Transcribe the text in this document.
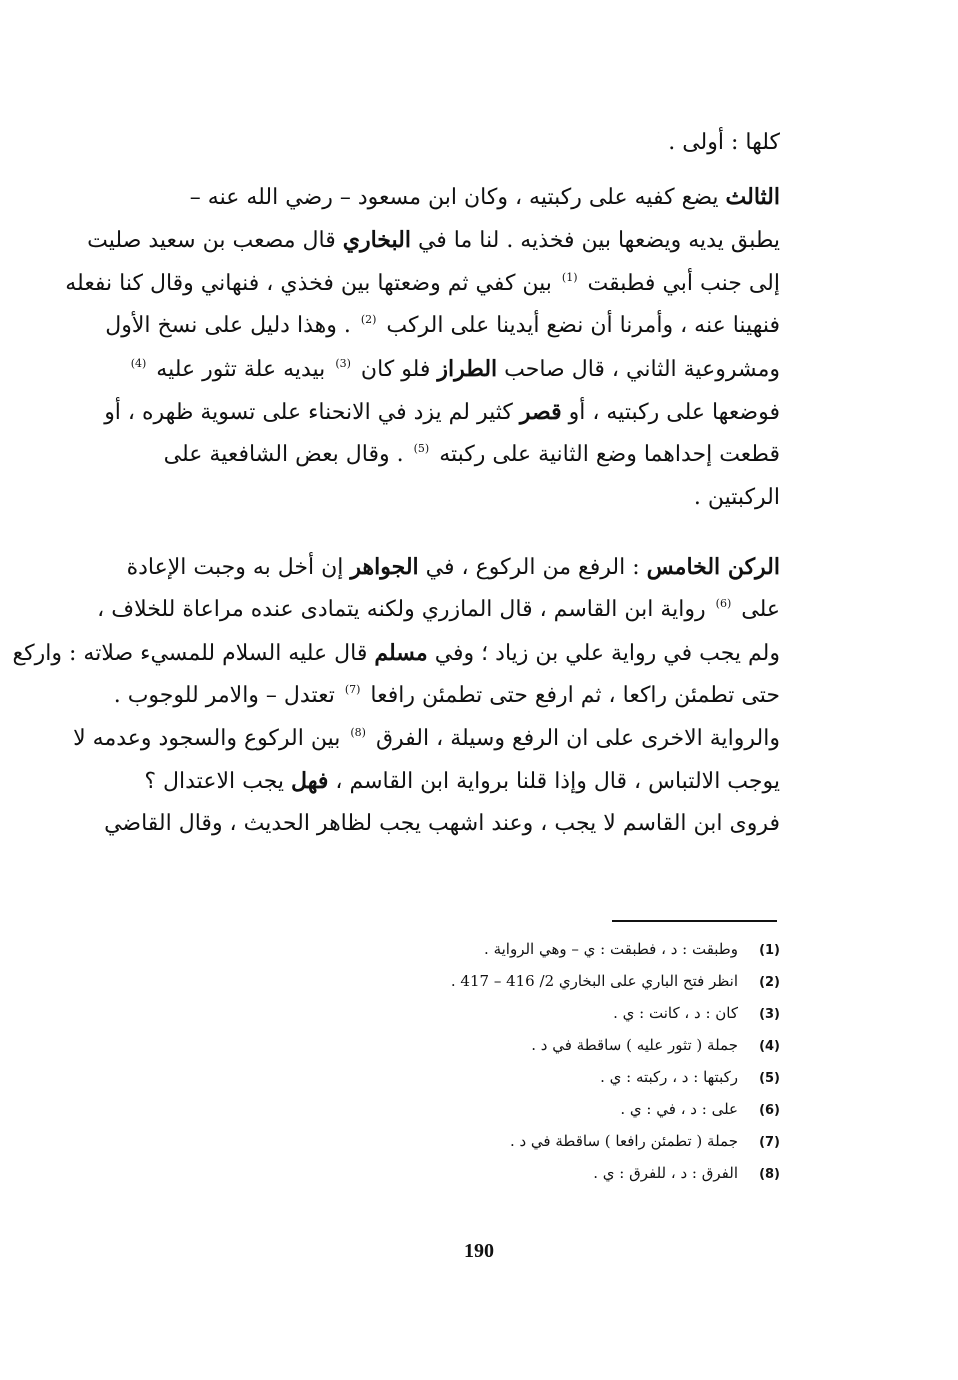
كلها : أولى .
الثالث يضع كفيه على ركبتيه ، وكان ابن مسعود – رضي الله عنه –
يطبق يديه ويضعها بين فخذيه . لنا ما في البخاري قال مصعب بن سعيد صليت
إلى جنب أبي فطبقت $^{(1)}$ بين كفي ثم وضعتها بين فخذي ، فنهاني وقال كنا نفعله
فنهينا عنه ، وأمرنا أن نضع أيدينا على الركب $^{(2)}$ . وهذا دليل على نسخ الأول
ومشروعية الثاني ، قال صاحب الطراز فلو كان $^{(3)}$ بيديه علة تثور عليه $^{(4)}$
فوضعها على ركبتيه ، أو قصر كثير لم يزد في الانحناء على تسوية ظهره ، أو
قطعت إحداهما وضع الثانية على ركبته $^{(5)}$ . وقال بعض الشافعية على
الركبتين .
الركن الخامس : الرفع من الركوع ، في الجواهر إن أخل به وجبت الإعادة
على $^{(6)}$ رواية ابن القاسم ، قال المازري ولكنه يتمادى عنده مراعاة للخلاف ،
ولم يجب في رواية علي بن زياد ؛ وفي مسلم قال عليه السلام للمسيء صلاته : واركع
حتى تطمئن راكعا ، ثم ارفع حتى تطمئن رافعا $^{(7)}$ تعتدل – والامر للوجوب .
والرواية الاخرى على ان الرفع وسيلة ، الفرق $^{(8)}$ بين الركوع والسجود وعدمه لا
يوجب الالتباس ، قال وإذا قلنا برواية ابن القاسم ، فهل يجب الاعتدال ؟
فروى ابن القاسم لا يجب ، وعند اشهب يجب لظاهر الحديث ، وقال القاضي
(1)
وطبقت : د ، فطبقت : ي – وهي الرواية .
(2)
انظر فتح الباري على البخاري 2/ 416 – 417 .
(3)
كان : د ، كانت : ي .
(4)
جملة ( تثور عليه ) ساقطة في د .
(5)
ركبتها : د ، ركبته : ي .
(6)
على : د ، في : ي .
(7)
جملة ( تطمئن رافعا ) ساقطة في د .
(8)
الفرق : د ، للفرق : ي .
190
